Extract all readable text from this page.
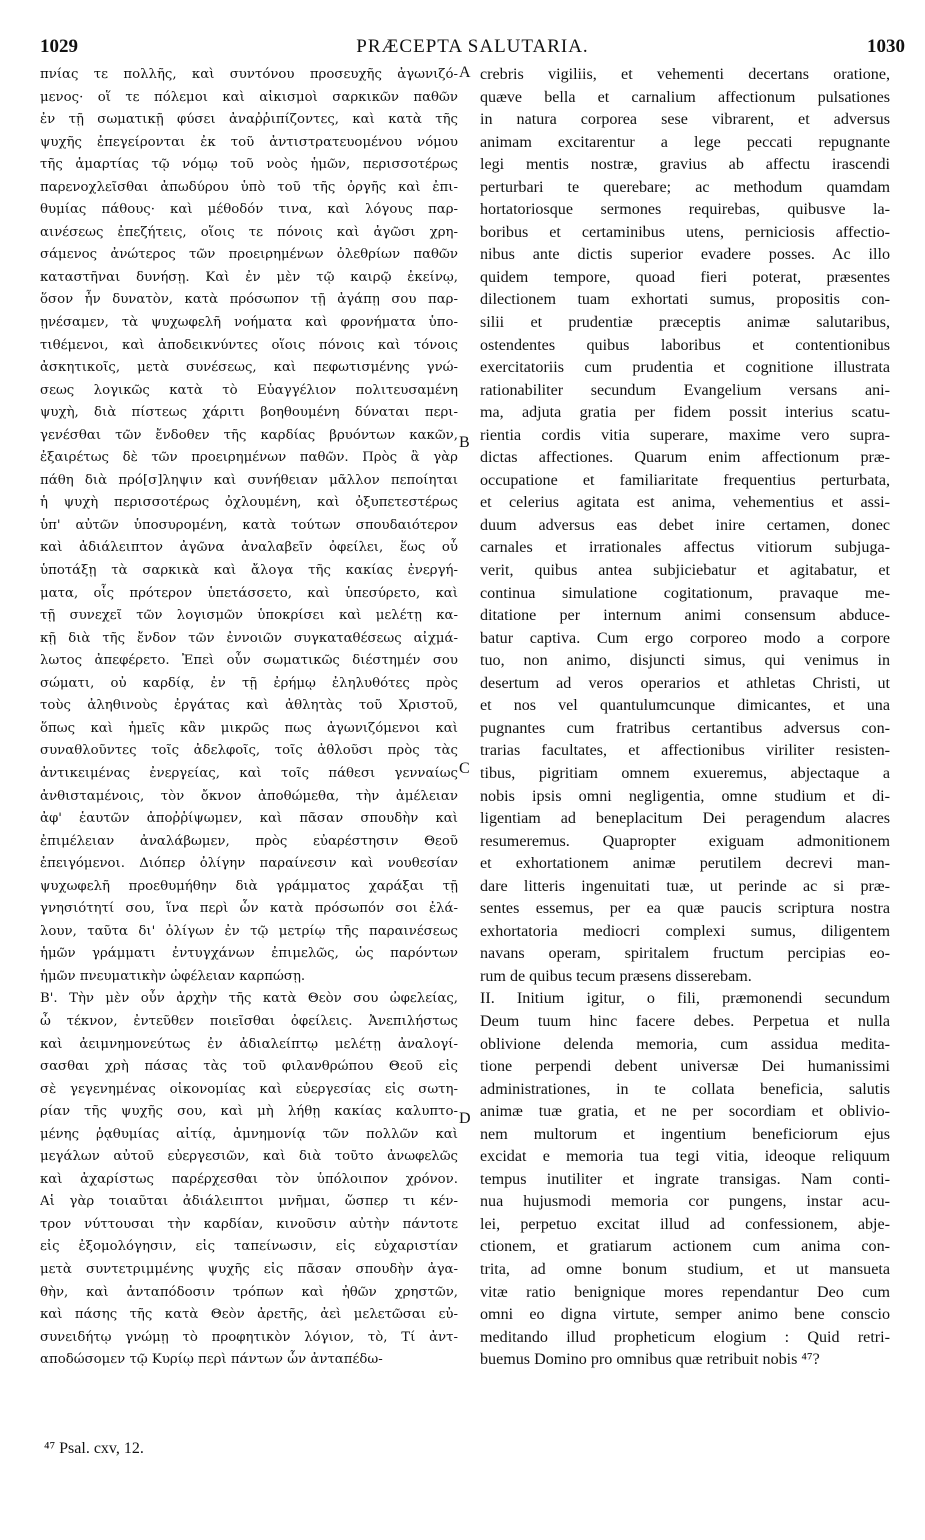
1029	PRÆCEPTA SALUTARIA.	1030
πνίας τε πολλῆς, καὶ συντόνου προσευχῆς ἀγωνιζό-
μενος· οἵ τε πόλεμοι καὶ αἰκισμοὶ σαρκικῶν παθῶν
ἐν τῇ σωματικῇ φύσει ἀναῤῥιπίζοντες, καὶ κατὰ τῆς
ψυχῆς ἐπεγείρονται ἐκ τοῦ ἀντιστρατευομένου νόμου
τῆς ἁμαρτίας τῷ νόμῳ τοῦ νοὸς ἡμῶν, περισσοτέρως
παρενοχλεῖσθαι ἀπωδύρου ὑπὸ τοῦ τῆς ὀργῆς καὶ ἐπι-
θυμίας πάθους· καὶ μέθοδόν τινα, καὶ λόγους παρ-
αινέσεως ἐπεζήτεις, οἵοις τε πόνοις καὶ ἀγῶσι χρη-
σάμενος ἀνώτερος τῶν προειρημένων ὀλεθρίων παθῶν
καταστῆναι δυνήσῃ. Καὶ ἐν μὲν τῷ καιρῷ ἐκείνῳ,
ὅσον ἦν δυνατὸν, κατὰ πρόσωπον τῇ ἀγάπῃ σου παρ-
ῃνέσαμεν, τὰ ψυχωφελῆ νοήματα καὶ φρονήματα ὑπο-
τιθέμενοι, καὶ ἀποδεικνύντες οἵοις πόνοις καὶ τόνοις
ἀσκητικοῖς, μετὰ συνέσεως, καὶ πεφωτισμένης γνώ-
σεως λογικῶς κατὰ τὸ Εὐαγγέλιον πολιτευσαμένη
ψυχὴ, διὰ πίστεως χάριτι βοηθουμένη δύναται περι-
γενέσθαι τῶν ἔνδοθεν τῆς καρδίας βρυόντων κακῶν,
ἐξαιρέτως δὲ τῶν προειρημένων παθῶν. Πρὸς ἃ γὰρ
πάθη διὰ πρό[σ]ληψιν καὶ συνήθειαν μᾶλλον πεποίηται
ἡ ψυχὴ περισσοτέρως ὀχλουμένη, καὶ ὀξυπετεστέρως
ὑπ' αὐτῶν ὑποσυρομένη, κατὰ τούτων σπουδαιότερον
καὶ ἀδιάλειπτον ἀγῶνα ἀναλαβεῖν ὀφείλει, ἕως οὗ
ὑποτάξῃ τὰ σαρκικὰ καὶ ἄλογα τῆς κακίας ἐνεργή-
ματα, οἷς πρότερον ὑπετάσσετο, καὶ ὑπεσύρετο, καὶ
τῇ συνεχεῖ τῶν λογισμῶν ὑποκρίσει καὶ μελέτῃ κα-
κῇ διὰ τῆς ἔνδον τῶν ἐννοιῶν συγκαταθέσεως αἰχμά-
λωτος ἀπεφέρετο. Ἐπεὶ οὖν σωματικῶς διέστημέν σου
σώματι, οὐ καρδίᾳ, ἐν τῇ ἐρήμῳ ἐληλυθότες πρὸς
τοὺς ἀληθινοὺς ἐργάτας καὶ ἀθλητὰς τοῦ Χριστοῦ,
ὅπως καὶ ἡμεῖς κἂν μικρῶς πως ἀγωνιζόμενοι καὶ
συναθλοῦντες τοῖς ἀδελφοῖς, τοῖς ἀθλοῦσι πρὸς τὰς
ἀντικειμένας ἐνεργείας, καὶ τοῖς πάθεσι γενναίως
ἀνθισταμένοις, τὸν ὄκνον ἀποθώμεθα, τὴν ἀμέλειαν
ἀφ' ἑαυτῶν ἀποῤῥίψωμεν, καὶ πᾶσαν σπουδὴν καὶ
ἐπιμέλειαν ἀναλάβωμεν, πρὸς εὐαρέστησιν Θεοῦ
ἐπειγόμενοι. Διόπερ ὀλίγην παραίνεσιν καὶ νουθεσίαν
ψυχωφελῆ προεθυμήθην διὰ γράμματος χαράξαι τῇ
γνησιότητί σου, ἵνα περὶ ὧν κατὰ πρόσωπόν σοι ἐλά-
λουν, ταῦτα δι' ὀλίγων ἐν τῷ μετρίῳ τῆς παραινέσεως
ἡμῶν γράμματι ἐντυγχάνων ἐπιμελῶς, ὡς παρόντων
ἡμῶν πνευματικὴν ὠφέλειαν καρπώσῃ.
Β'. Τὴν μὲν οὖν ἀρχὴν τῆς κατὰ Θεὸν σου ὠφελείας,
ὦ τέκνον, ἐντεῦθεν ποιεῖσθαι ὀφείλεις. Ἀνεπιλήστως
καὶ ἀειμνημονεύτως ἐν ἀδιαλείπτῳ μελέτῃ ἀναλογί-
σασθαι χρὴ πάσας τὰς τοῦ φιλανθρώπου Θεοῦ εἰς
σὲ γεγενημένας οἰκονομίας καὶ εὐεργεσίας εἰς σωτη-
ρίαν τῆς ψυχῆς σου, καὶ μὴ λήθῃ κακίας καλυπτο-
μένης ῥᾳθυμίας αἰτίᾳ, ἀμνημονίᾳ τῶν πολλῶν καὶ
μεγάλων αὐτοῦ εὐεργεσιῶν, καὶ διὰ τοῦτο ἀνωφελῶς
καὶ ἀχαρίστως παρέρχεσθαι τὸν ὑπόλοιπον χρόνον.
Αἱ γὰρ τοιαῦται ἀδιάλειπτοι μνῆμαι, ὥσπερ τι κέν-
τρον νύττουσαι τὴν καρδίαν, κινοῦσιν αὐτὴν πάντοτε
εἰς ἐξομολόγησιν, εἰς ταπείνωσιν, εἰς εὐχαριστίαν
μετὰ συντετριμμένης ψυχῆς εἰς πᾶσαν σπουδὴν ἀγα-
θὴν, καὶ ἀνταπόδοσιν τρόπων καὶ ἠθῶν χρηστῶν,
καὶ πάσης τῆς κατὰ Θεὸν ἀρετῆς, ἀεὶ μελετῶσαι εὐ-
συνειδήτῳ γνώμῃ τὸ προφητικὸν λόγιον, τὸ, Τί ἀντ-
αποδώσομεν τῷ Κυρίῳ περὶ πάντων ὧν ἀνταπέδω-
crebris vigiliis, et vehementi decertans oratione,
quæve bella et carnalium affectionum pulsationes
in natura corporea sese vibrarent, et adversus
animam excitarentur a lege peccati repugnante
legi mentis nostræ, gravius ab affectu irascendi
perturbari te querebare; ac methodum quamdam
hortatoriosque sermones requirebas, quibusve la-
boribus et certaminibus utens, perniciosis affectio-
nibus ante dictis superior evadere posses. Ac illo
quidem tempore, quoad fieri poterat, præsentes
dilectionem tuam exhortati sumus, propositis con-
silii et prudentiæ præceptis animæ salutaribus,
ostendentes quibus laboribus et contentionibus
exercitatoriis cum prudentia et cognitione illustrata
rationabiliter secundum Evangelium versans ani-
ma, adjuta gratia per fidem possit interius scatu-
rientia cordis vitia superare, maxime vero supra-
dictas affectiones. Quarum enim affectionum præ-
occupatione et familiaritate frequentius perturbata,
et celerius agitata est anima, vehementius et assi-
duum adversus eas debet inire certamen, donec
carnales et irrationales affectus vitiorum subjuga-
verit, quibus antea subjiciebatur et agitabatur, et
continua simulatione cogitationum, pravaque me-
ditatione per internum animi consensum abduce-
batur captiva. Cum ergo corporeo modo a corpore
tuo, non animo, disjuncti simus, qui venimus in
desertum ad veros operarios et athletas Christi, ut
et nos vel quantulumcunque dimicantes, et una
pugnantes cum fratribus certantibus adversus con-
trarias facultates, et affectionibus viriliter resisten-
tibus, pigritiam omnem exueremus, abjectaque a
nobis ipsis omni negligentia, omne studium et di-
ligentiam ad beneplacitum Dei peragendum alacres
resumeremus. Quapropter exiguam admonitionem
et exhortationem animæ perutilem decrevi man-
dare litteris ingenuitati tuæ, ut perinde ac si præ-
sentes essemus, per ea quæ paucis scriptura nostra
exhortatoria mediocri complexi sumus, diligentem
navans operam, spiritalem fructum percipias eo-
rum de quibus tecum præsens disserebam.
II. Initium igitur, o fili, præmonendi secundum
Deum tuum hinc facere debes. Perpetua et nulla
oblivione delenda memoria, cum assidua medita-
tione perpendi debent universæ Dei humanissimi
administrationes, in te collata beneficia, salutis
animæ tuæ gratia, et ne per socordiam et oblivio-
nem multorum et ingentium beneficiorum ejus
excidat e memoria tua tegi vitia, ideoque reliquum
tempus inutiliter et ingrate transigas. Nam conti-
nua hujusmodi memoria cor pungens, instar acu-
lei, perpetuo excitat illud ad confessionem, abje-
ctionem, et gratiarum actionem cum anima con-
trita, ad omne bonum studium, et ut mansueta
vitæ ratio benignique mores rependantur Deo cum
omni eo digna virtute, semper animo bene conscio
meditando illud propheticum elogium : Quid retri-
buemus Domino pro omnibus quæ retribuit nobis ⁴⁷?
A
B
C
D
⁴⁷ Psal. cxv, 12.
